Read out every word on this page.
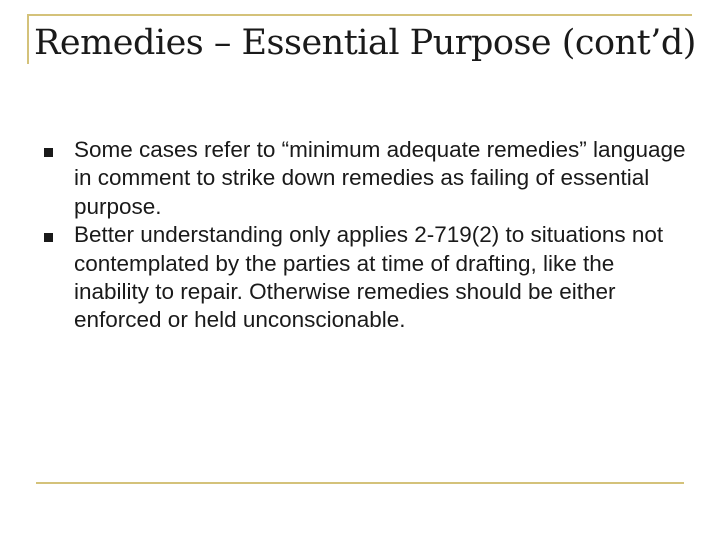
Remedies – Essential Purpose (cont’d)
Some cases refer to “minimum adequate remedies” language in comment to strike down remedies as failing of essential purpose.
Better understanding only applies 2-719(2) to situations not contemplated by the parties at time of drafting, like the inability to repair. Otherwise remedies should be either enforced or held unconscionable.
